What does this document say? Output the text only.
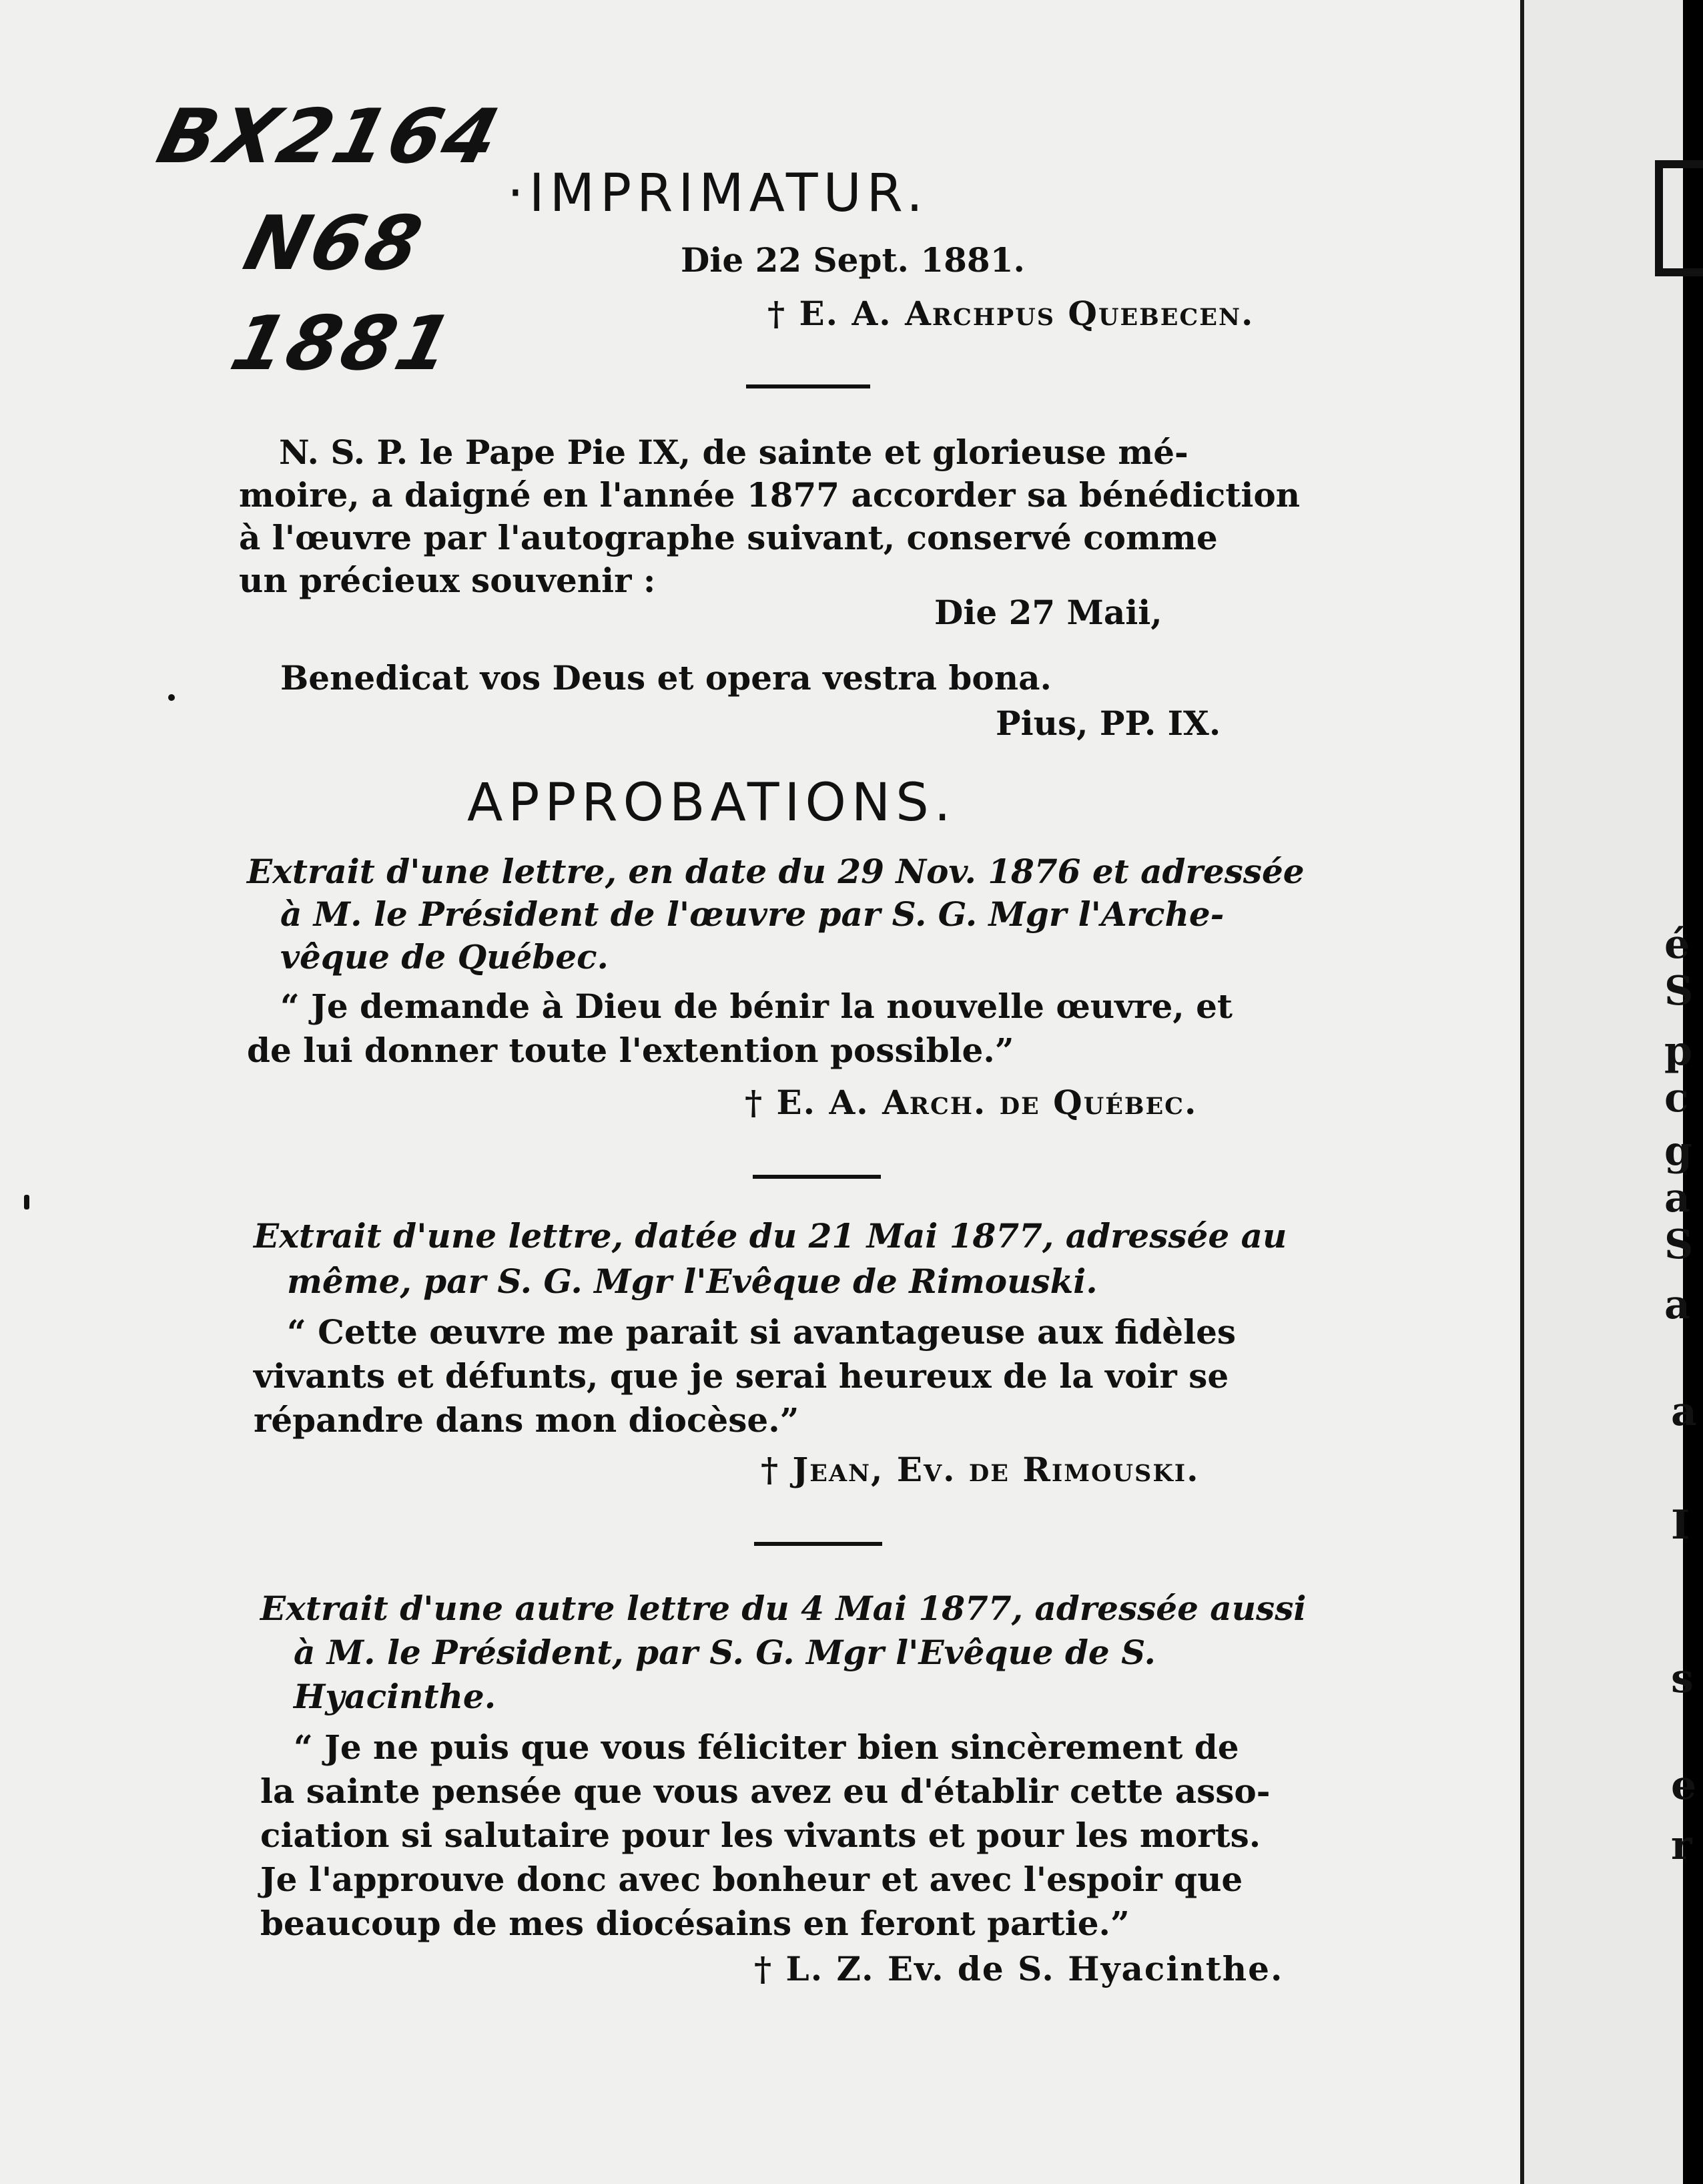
BX2164
N68
1881
·IMPRIMATUR.
Die 22 Sept. 1881.
† E. A. Archpus Quebecen.
N. S. P. le Pape Pie IX, de sainte et glorieuse mé-
moire, a daigné en l'année 1877 accorder sa bénédiction
à l'œuvre par l'autographe suivant, conservé comme
un précieux souvenir :
Die 27 Maii,
Benedicat vos Deus et opera vestra bona.
Pius, PP. IX.
APPROBATIONS.
Extrait d'une lettre, en date du 29 Nov. 1876 et adressée
à M. le Président de l'œuvre par S. G. Mgr l'Arche-
vêque de Québec.
“ Je demande à Dieu de bénir la nouvelle œuvre, et
de lui donner toute l'extention possible.”
† E. A. Arch. de Québec.
Extrait d'une lettre, datée du 21 Mai 1877, adressée au
même, par S. G. Mgr l'Evêque de Rimouski.
“ Cette œuvre me parait si avantageuse aux fidèles
vivants et défunts, que je serai heureux de la voir se
répandre dans mon diocèse.”
† Jean, Ev. de Rimouski.
Extrait d'une autre lettre du 4 Mai 1877, adressée aussi
à M. le Président, par S. G. Mgr l'Evêque de S.
Hyacinthe.
“ Je ne puis que vous féliciter bien sincèrement de
la sainte pensée que vous avez eu d'établir cette asso-
ciation si salutaire pour les vivants et pour les morts.
Je l'approuve donc avec bonheur et avec l'espoir que
beaucoup de mes diocésains en feront partie.”
† L. Z. Ev. de S. Hyacinthe.
é
S
p
c
g
a
S
a
a
I
s
e
r
